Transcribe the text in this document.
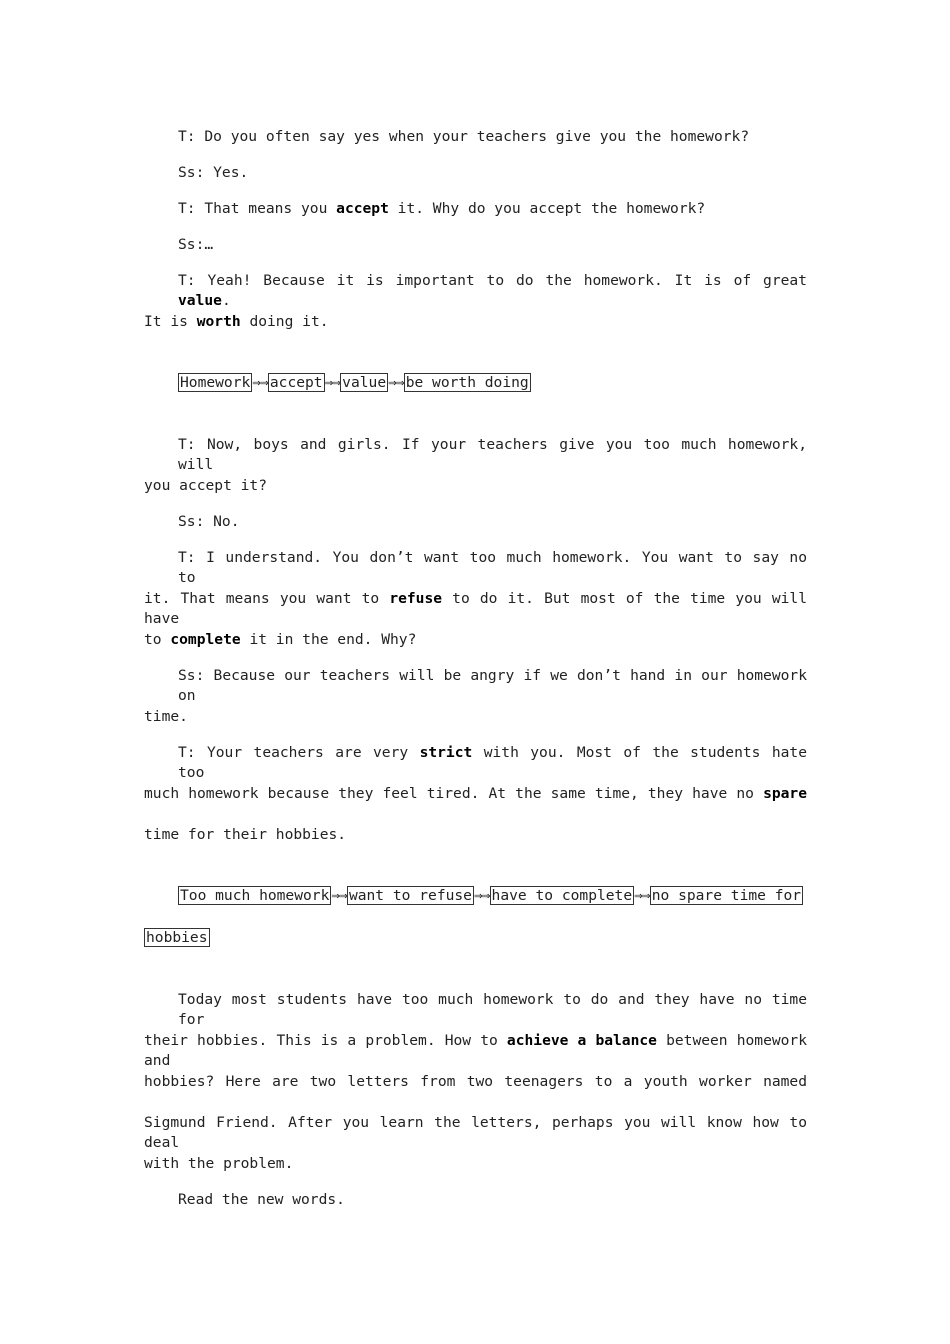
T: Do you often say yes when your teachers give you the homework?
Ss: Yes.
T: That means you accept it. Why do you accept the homework?
Ss:…
T: Yeah! Because it is important to do the homework. It is of great value.
It is worth doing it.
Homework ⇒⇒ accept ⇒⇒ value ⇒⇒ be worth doing
T: Now, boys and girls. If your teachers give you too much homework, will
you accept it?
Ss: No.
T: I understand. You don’t want too much homework. You want to say no to
it. That means you want to refuse to do it. But most of the time you will have
to complete it in the end. Why?
Ss: Because our teachers will be angry if we don’t hand in our homework on
time.
T: Your teachers are very strict with you. Most of the students hate too
much homework because they feel tired. At the same time, they have no spare
time for their hobbies.
Too much homework ⇒⇒ want to refuse ⇒⇒ have to complete ⇒⇒ no spare time for
hobbies
Today most students have too much homework to do and they have no time for
their hobbies. This is a problem. How to achieve a balance between homework and
hobbies? Here are two letters from two teenagers to a youth worker named
Sigmund Friend. After you learn the letters, perhaps you will know how to deal
with the problem.
Read the new words.
